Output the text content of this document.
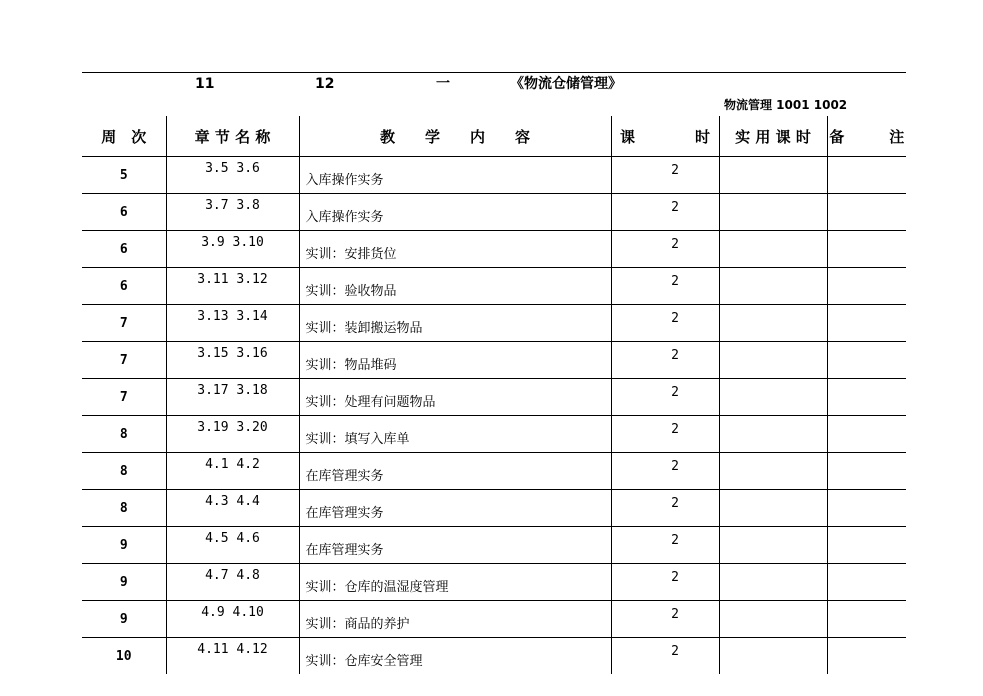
11	12	一	《物流仓储管理》
物流管理 1001 1002
周　次	章 节 名 称	教　　学　　内　　容	课　　　　时	实 用 课 时	备　　　注
5	3.5 3.6	入库操作实务	2		
6	3.7 3.8	入库操作实务	2		
6	3.9 3.10	实训：安排货位	2		
6	3.11 3.12	实训：验收物品	2		
7	3.13 3.14	实训：装卸搬运物品	2		
7	3.15 3.16	实训：物品堆码	2		
7	3.17 3.18	实训：处理有问题物品	2		
8	3.19 3.20	实训：填写入库单	2		
8	4.1 4.2	在库管理实务	2		
8	4.3 4.4	在库管理实务	2		
9	4.5 4.6	在库管理实务	2		
9	4.7 4.8	实训：仓库的温湿度管理	2		
9	4.9 4.10	实训：商品的养护	2		
10	4.11 4.12	实训：仓库安全管理	2		
